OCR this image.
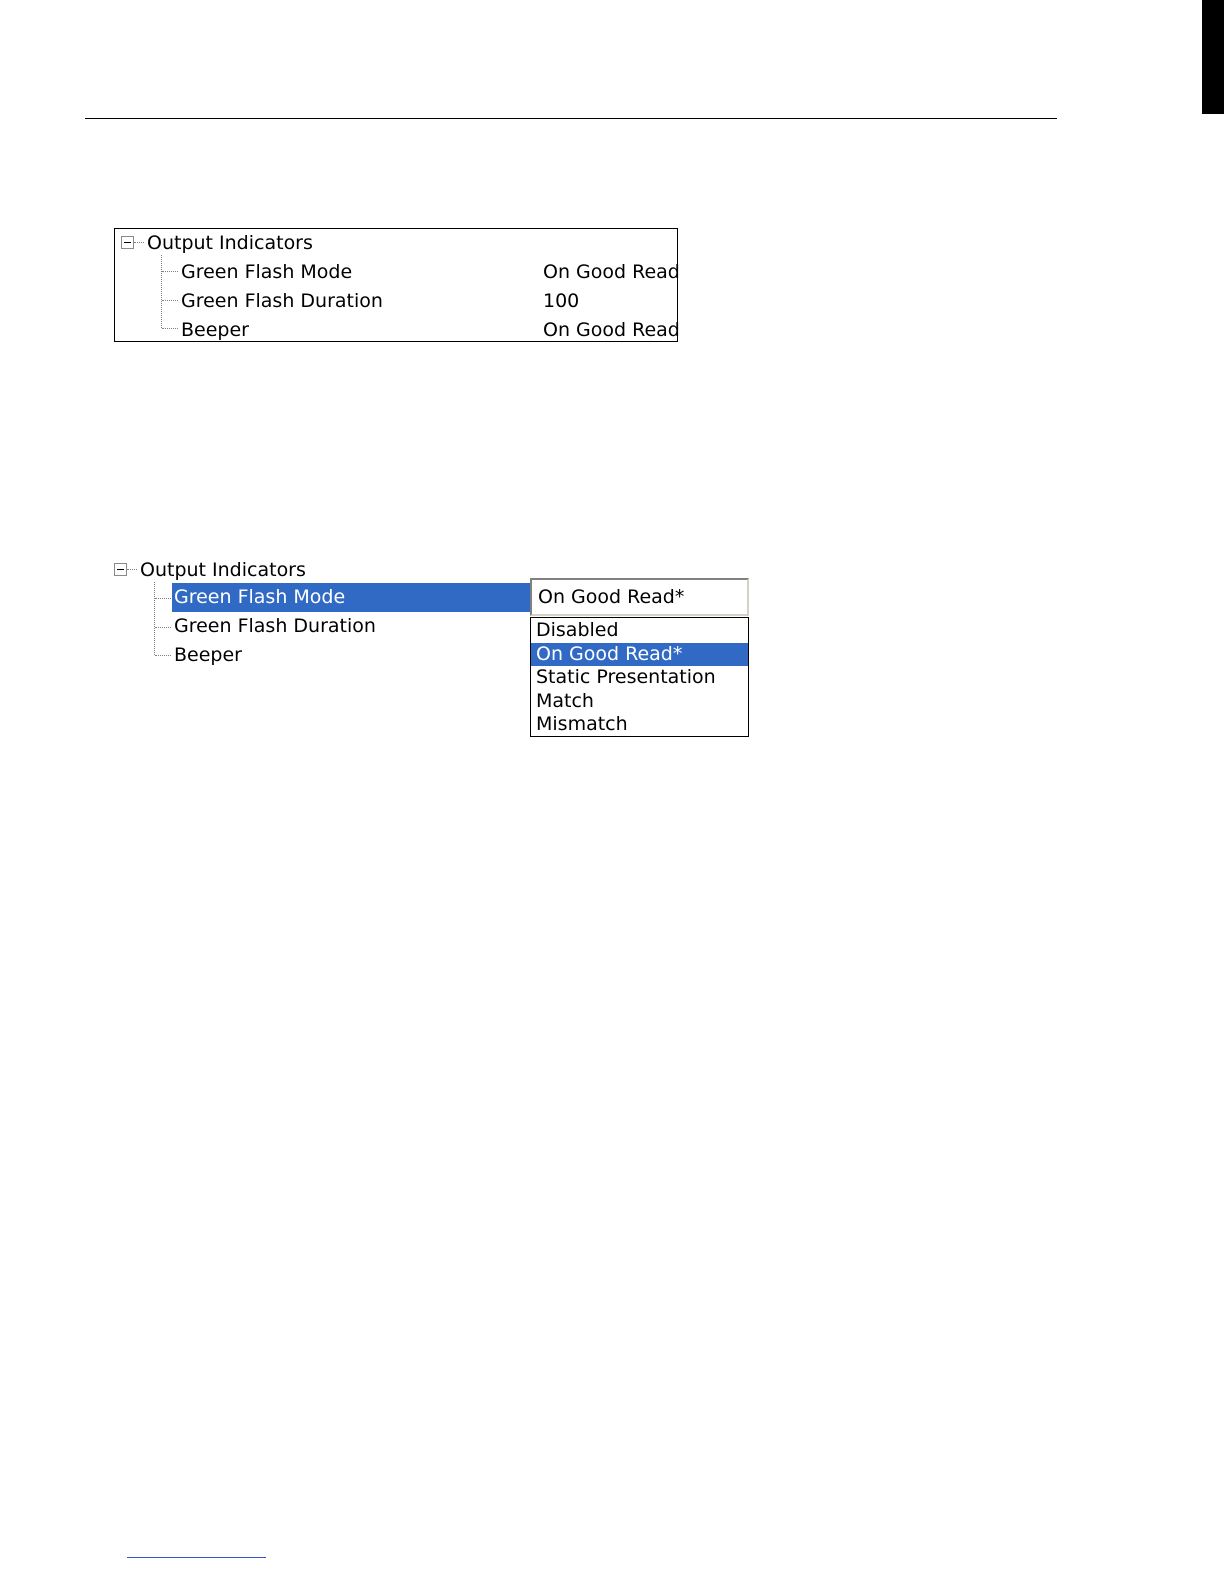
Output Indicators
Green Flash Mode	On Good Read
Green Flash Duration	100
Beeper	On Good Read
Output Indicators
Green Flash Mode
Green Flash Duration
Beeper
On Good Read*
Disabled
On Good Read*
Static Presentation
Match
Mismatch
